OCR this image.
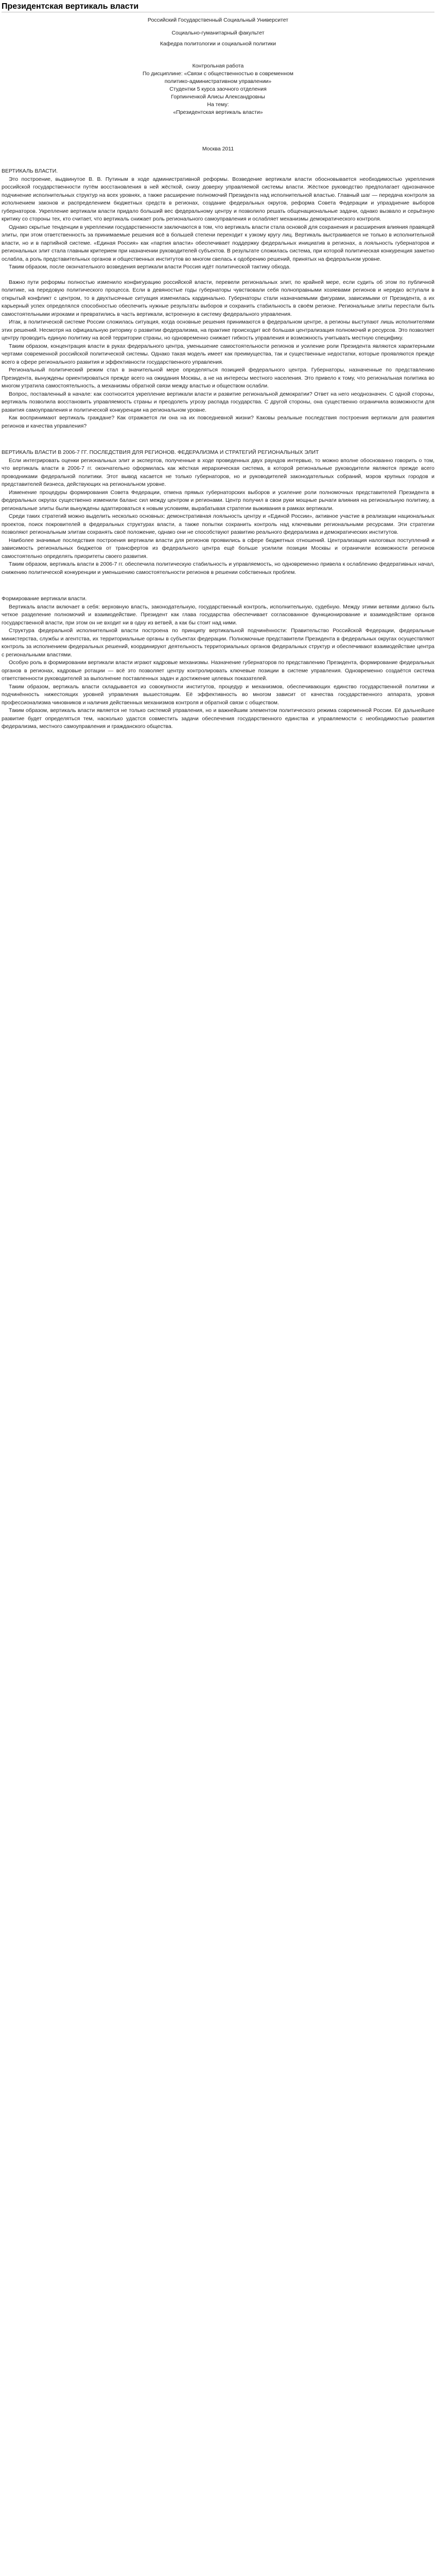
Президентская вертикаль власти

Российский Государственный Социальный Университет

Социально-гуманитарный факультет

Кафедра политологии и социальной политики

Контрольная работа

По дисциплине: «Связи с общественностью в современном политико-административном управлении»

Студентки 5 курса заочного отделения

Горпинченкой Алисы Александровны

На тему:

«Президентская вертикаль власти»

Москва 2011

ВЕРТИКАЛЬ ВЛАСТИ.

Это построение, выдвинутое В. В. Путиным в ходе административной реформы. Возведение вертикали власти обосновывается необходимостью укрепления российской государственности путём восстановления в ней жёсткой, снизу доверху управляемой системы власти. Жёсткое руководство предполагает однозначное подчинение исполнительных структур на всех уровнях, а также расширение полномочий Президента над исполнительной властью. Главный шаг — передача контроля за исполнением законов и распределением бюджетных средств в регионах, создание федеральных округов, реформа Совета Федерации и упразднение выборов губернаторов. Укрепление вертикали власти придало больший вес федеральному центру и позволило решать общенациональные задачи, однако вызвало и серьёзную критику со стороны тех, кто считает, что вертикаль снижает роль регионального самоуправления и ослабляет механизмы демократического контроля.

Однако скрытые тенденции в укреплении государственности заключаются в том, что вертикаль власти стала основой для сохранения и расширения влияния правящей элиты, при этом ответственность за принимаемые решения всё в большей степени переходит к узкому кругу лиц. Вертикаль выстраивается не только в исполнительной власти, но и в партийной системе. «Единая Россия» как «партия власти» обеспечивает поддержку федеральных инициатив в регионах, а лояльность губернаторов и региональных элит стала главным критерием при назначении руководителей субъектов. В результате сложилась система, при которой политическая конкуренция заметно ослабла, а роль представительных органов и общественных институтов во многом свелась к одобрению решений, принятых на федеральном уровне.

Таким образом, после окончательного возведения вертикали власти Россия идёт политической тактику обхода.

Важно пути реформы полностью изменило конфигурацию российской власти, перевели региональных элит, по крайней мере, если судить об этом по публичной политике, на передовую политического процесса. Если в девяностые годы губернаторы чувствовали себя полноправными хозяевами регионов и нередко вступали в открытый конфликт с центром, то в двухтысячные ситуация изменилась кардинально. Губернаторы стали назначаемыми фигурами, зависимыми от Президента, а их карьерный успех определялся способностью обеспечить нужные результаты выборов и сохранить стабильность в своём регионе. Региональные элиты перестали быть самостоятельными игроками и превратились в часть вертикали, встроенную в систему федерального управления.

Итак, в политической системе России сложилась ситуация, когда основные решения принимаются в федеральном центре, а регионы выступают лишь исполнителями этих решений. Несмотря на официальную риторику о развитии федерализма, на практике происходит всё большая централизация полномочий и ресурсов. Это позволяет центру проводить единую политику на всей территории страны, но одновременно снижает гибкость управления и возможность учитывать местную специфику.

Таким образом, концентрация власти в руках федерального центра, уменьшение самостоятельности регионов и усиление роли Президента являются характерными чертами современной российской политической системы. Однако такая модель имеет как преимущества, так и существенные недостатки, которые проявляются прежде всего в сфере регионального развития и эффективности государственного управления.

Региональный политический режим стал в значительной мере определяться позицией федерального центра. Губернаторы, назначенные по представлению Президента, вынуждены ориентироваться прежде всего на ожидания Москвы, а не на интересы местного населения. Это привело к тому, что региональная политика во многом утратила самостоятельность, а механизмы обратной связи между властью и обществом ослабли.

Вопрос, поставленный в начале: как соотносится укрепление вертикали власти и развитие региональной демократии? Ответ на него неоднозначен. С одной стороны, вертикаль позволила восстановить управляемость страны и преодолеть угрозу распада государства. С другой стороны, она существенно ограничила возможности для развития самоуправления и политической конкуренции на региональном уровне.

Как воспринимают вертикаль граждане? Как отражается ли она на их повседневной жизни? Каковы реальные последствия построения вертикали для развития регионов и качества управления?

ВЕРТИКАЛЬ ВЛАСТИ В 2006-7 ГГ. ПОСЛЕДСТВИЯ ДЛЯ РЕГИОНОВ. ФЕДЕРАЛИЗМА И СТРАТЕГИЙ РЕГИОНАЛЬНЫХ ЭЛИТ

Если интегрировать оценки региональных элит и экспертов, полученные в ходе проведенных двух раундов интервью, то можно вполне обоснованно говорить о том, что вертикаль власти в 2006-7 гг. окончательно оформилась как жёсткая иерархическая система, в которой региональные руководители являются прежде всего проводниками федеральной политики. Этот вывод касается не только губернаторов, но и руководителей законодательных собраний, мэров крупных городов и представителей бизнеса, действующих на региональном уровне.

Изменение процедуры формирования Совета Федерации, отмена прямых губернаторских выборов и усиление роли полномочных представителей Президента в федеральных округах существенно изменили баланс сил между центром и регионами. Центр получил в свои руки мощные рычаги влияния на региональную политику, а региональные элиты были вынуждены адаптироваться к новым условиям, вырабатывая стратегии выживания в рамках вертикали.

Среди таких стратегий можно выделить несколько основных: демонстративная лояльность центру и «Единой России», активное участие в реализации национальных проектов, поиск покровителей в федеральных структурах власти, а также попытки сохранить контроль над ключевыми региональными ресурсами. Эти стратегии позволяют региональным элитам сохранять своё положение, однако они не способствуют развитию реального федерализма и демократических институтов.

Наиболее значимые последствия построения вертикали власти для регионов проявились в сфере бюджетных отношений. Централизация налоговых поступлений и зависимость региональных бюджетов от трансфертов из федерального центра ещё больше усилили позиции Москвы и ограничили возможности регионов самостоятельно определять приоритеты своего развития.

Таким образом, вертикаль власти в 2006-7 гг. обеспечила политическую стабильность и управляемость, но одновременно привела к ослаблению федеративных начал, снижению политической конкуренции и уменьшению самостоятельности регионов в решении собственных проблем.

Формирование вертикали власти.

Вертикаль власти включает в себя: верховную власть, законодательную, государственный контроль, исполнительную, судебную. Между этими ветвями должно быть четкое разделение полномочий и взаимодействие. Президент как глава государства обеспечивает согласованное функционирование и взаимодействие органов государственной власти, при этом он не входит ни в одну из ветвей, а как бы стоит над ними.

Структура федеральной исполнительной власти построена по принципу вертикальной подчинённости: Правительство Российской Федерации, федеральные министерства, службы и агентства, их территориальные органы в субъектах федерации. Полномочные представители Президента в федеральных округах осуществляют контроль за исполнением федеральных решений, координируют деятельность территориальных органов федеральных структур и обеспечивают взаимодействие центра с региональными властями.

Особую роль в формировании вертикали власти играют кадровые механизмы. Назначение губернаторов по представлению Президента, формирование федеральных органов в регионах, кадровые ротации — всё это позволяет центру контролировать ключевые позиции в системе управления. Одновременно создаётся система ответственности руководителей за выполнение поставленных задач и достижение целевых показателей.

Таким образом, вертикаль власти складывается из совокупности институтов, процедур и механизмов, обеспечивающих единство государственной политики и подчинённость нижестоящих уровней управления вышестоящим. Её эффективность во многом зависит от качества государственного аппарата, уровня профессионализма чиновников и наличия действенных механизмов контроля и обратной связи с обществом.

Таким образом, вертикаль власти является не только системой управления, но и важнейшим элементом политического режима современной России. Её дальнейшее развитие будет определяться тем, насколько удастся совместить задачи обеспечения государственного единства и управляемости с необходимостью развития федерализма, местного самоуправления и гражданского общества.
